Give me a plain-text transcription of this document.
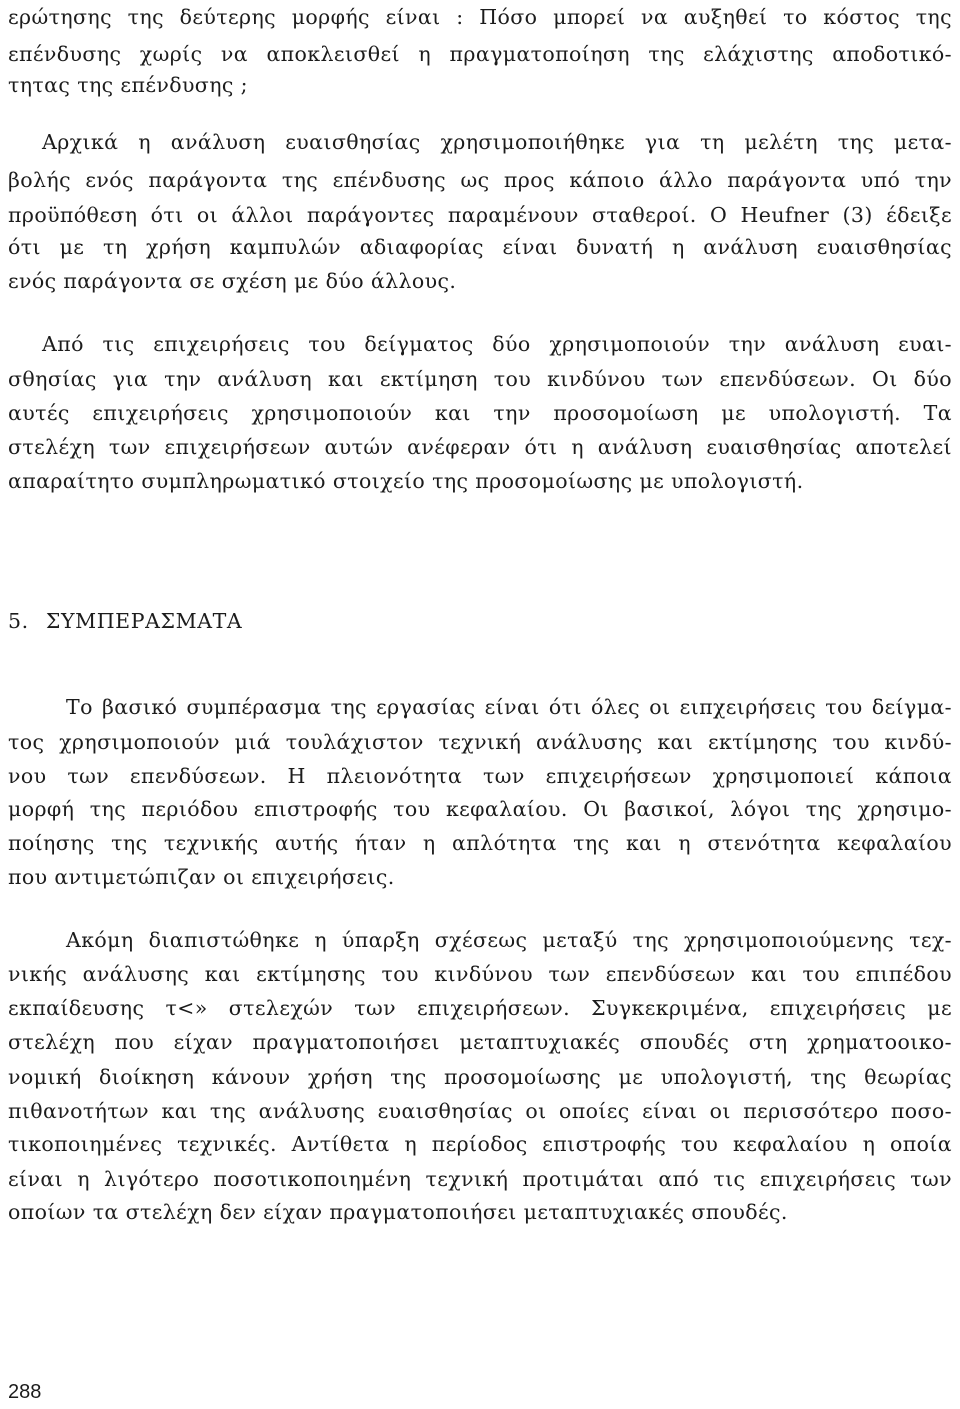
ερώτησης της δεύτερης μορφής είναι : Πόσο μπορεί να αυξηθεί το κόστος της
επένδυσης χωρίς να αποκλεισθεί η πραγματοποίηση της ελάχιστης αποδοτικό-
τητας της επένδυσης ;
Αρχικά η ανάλυση ευαισθησίας χρησιμοποιήθηκε για τη μελέτη της μετα-
βολής ενός παράγοντα της επένδυσης ως προς κάποιο άλλο παράγοντα υπό την
προϋπόθεση ότι οι άλλοι παράγοντες παραμένουν σταθεροί. Ο Heufner (3) έδειξε
ότι με τη χρήση καμπυλών αδιαφορίας είναι δυνατή η ανάλυση ευαισθησίας
ενός παράγοντα σε σχέση με δύο άλλους.
Από τις επιχειρήσεις του δείγματος δύο χρησιμοποιούν την ανάλυση ευαι-
σθησίας για την ανάλυση και εκτίμηση του κινδύνου των επενδύσεων. Οι δύο
αυτές επιχειρήσεις χρησιμοποιούν και την προσομοίωση με υπολογιστή. Τα
στελέχη των επιχειρήσεων αυτών ανέφεραν ότι η ανάλυση ευαισθησίας αποτελεί
απαραίτητο συμπληρωματικό στοιχείο της προσομοίωσης με υπολογιστή.
5. ΣΥΜΠΕΡΑΣΜΑΤΑ
Το βασικό συμπέρασμα της εργασίας είναι ότι όλες οι ειπχειρήσεις του δείγμα-
τος χρησιμοποιούν μιά τουλάχιστον τεχνική ανάλυσης και εκτίμησης του κινδύ-
νου των επενδύσεων. Η πλειονότητα των επιχειρήσεων χρησιμοποιεί κάποια
μορφή της περιόδου επιστροφής του κεφαλαίου. Οι βασικοί, λόγοι της χρησιμο-
ποίησης της τεχνικής αυτής ήταν η απλότητα της και η στενότητα κεφαλαίου
που αντιμετώπιζαν οι επιχειρήσεις.
Ακόμη διαπιστώθηκε η ύπαρξη σχέσεως μεταξύ της χρησιμοποιούμενης τεχ-
νικής ανάλυσης και εκτίμησης του κινδύνου των επενδύσεων και του επιπέδου
εκπαίδευσης τ<» στελεχών των επιχειρήσεων. Συγκεκριμένα, επιχειρήσεις με
στελέχη που είχαν πραγματοποιήσει μεταπτυχιακές σπουδές στη χρηματοοικο-
νομική διοίκηση κάνουν χρήση της προσομοίωσης με υπολογιστή, της θεωρίας
πιθανοτήτων και της ανάλυσης ευαισθησίας οι οποίες είναι οι περισσότερο ποσο-
τικοποιημένες τεχνικές. Αντίθετα η περίοδος επιστροφής του κεφαλαίου η οποία
είναι η λιγότερο ποσοτικοποιημένη τεχνική προτιμάται από τις επιχειρήσεις των
οποίων τα στελέχη δεν είχαν πραγματοποιήσει μεταπτυχιακές σπουδές.
288
